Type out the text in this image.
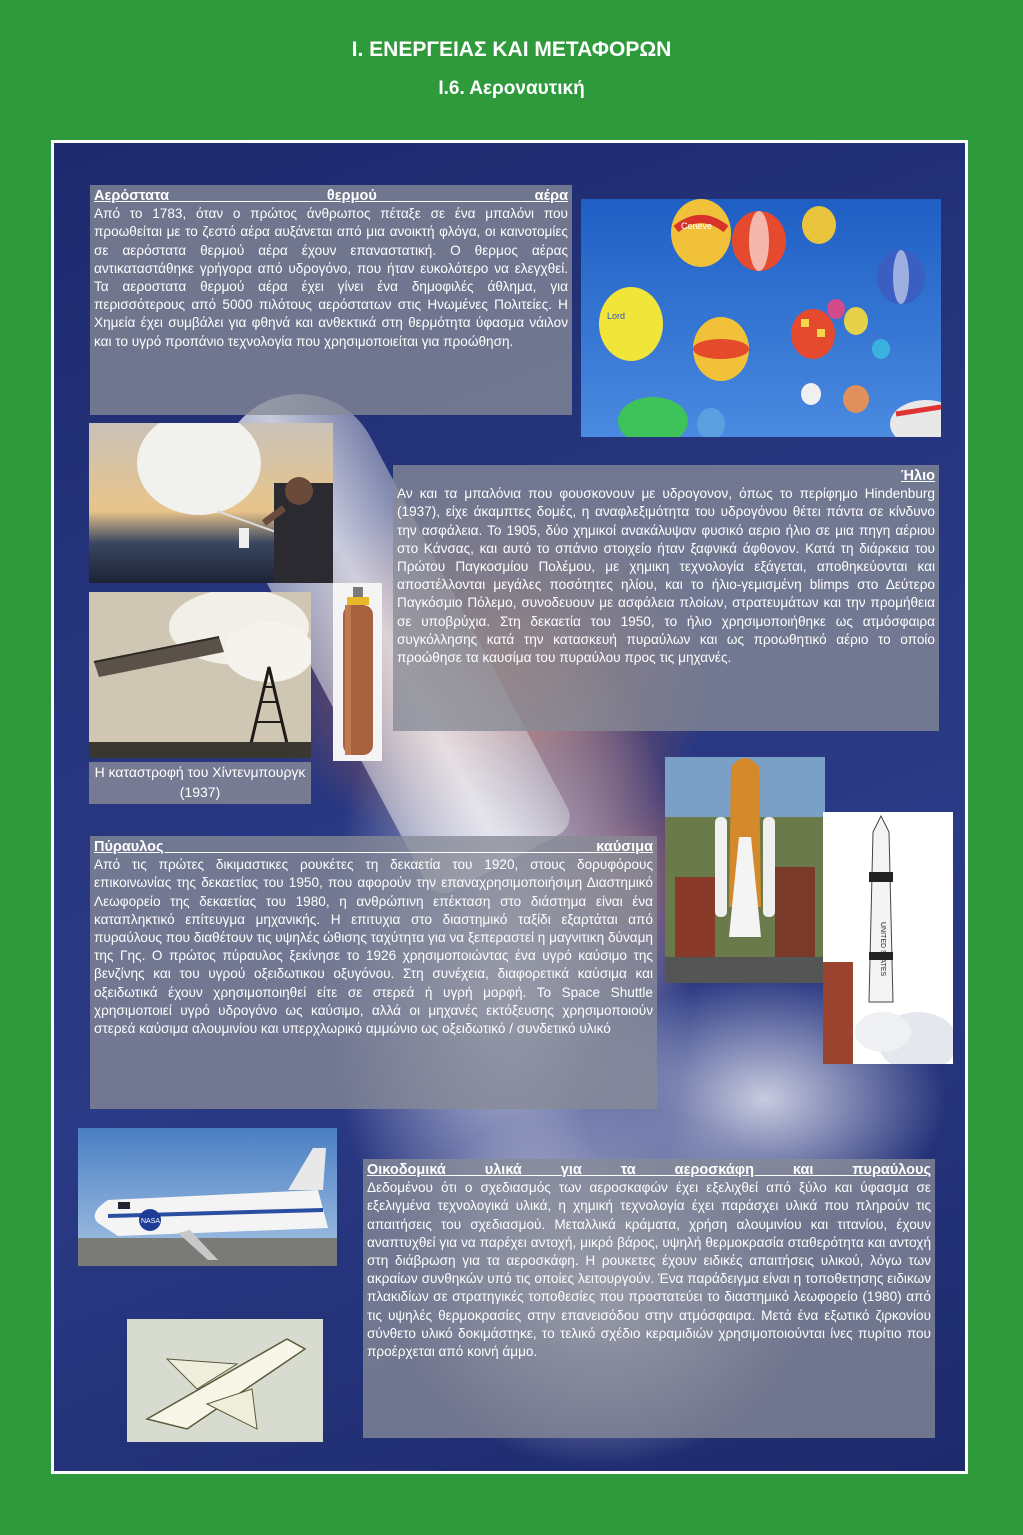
Ι. ΕΝΕΡΓΕΙΑΣ ΚΑΙ ΜΕΤΑΦΟΡΩΝ
Ι.6. Αεροναυτική
Ceneve
Lord
Αερόστατα θερμού αέρα
Από το 1783, όταν ο πρώτος άνθρωπος πέταξε σε ένα μπαλόνι που προωθείται με το ζεστό αέρα αυξάνεται από μια ανοικτή φλόγα, οι καινοτομίες σε αερόστατα θερμού αέρα έχουν επαναστατική. Ο θερμος αέρας αντικαταστάθηκε γρήγορα από υδρογόνο, που ήταν ευκολότερο να ελεγχθεί. Τα αεροστατα θερμού αέρα έχει γίνει ένα δημοφιλές άθλημα, για περισσότερους από 5000 πιλότους αερόστατων στις Ηνωμένες Πολιτείες. Η Χημεία έχει συμβάλει για φθηνά και ανθεκτικά στη θερμότητα ύφασμα νάιλον και το υγρό προπάνιο τεχνολογία που χρησιμοποιείται για προώθηση.
Η καταστροφή του Χίντενμπουργκ (1937)
Ήλιο
Αν και τα μπαλόνια που φουσκονουν με υδρογονον, όπως το περίφημο Hindenburg (1937), είχε άκαμπτες δομές, η αναφλεξιμότητα του υδρογόνου θέτει πάντα σε κίνδυνο την ασφάλεια. Το 1905, δύο χημικοί ανακάλυψαν φυσικό αεριο ήλιο σε μια πηγη αέριου στο Κάνσας, και αυτό το σπάνιο στοιχείο ήταν ξαφνικά άφθονον. Κατά τη διάρκεια του Πρώτου Παγκοσμίου Πολέμου, με χημικη τεχνολογία εξάγεται, αποθηκεύονται και αποστέλλονται μεγάλες ποσότητες ηλίου, και το ήλιο-γεμισμένη blimps στο Δεύτερο Παγκόσμιο Πόλεμο, συνοδευουν με ασφάλεια πλοίων, στρατευμάτων και την προμήθεια σε υποβρύχια. Στη δεκαετία του 1950, το ήλιο χρησιμοποιήθηκε ως ατμόσφαιρα συγκόλλησης κατά την κατασκευή πυραύλων και ως προωθητικό αέριο το οποίο προώθησε τα καυσίμα του πυραύλου προς τις μηχανές.
UNITED STATES
Πύραυλος καύσιμα
Από τις πρώτες δικιμαστικες ρουκέτες τη δεκαετία του 1920, στους δορυφόρους επικοινωνίας της δεκαετίας του 1950, που αφορούν την επαναχρησιμοποιήσιμη Διαστημικό Λεωφορείο της δεκαετίας του 1980, η ανθρώπινη επέκταση στο διάστημα είναι ένα καταπληκτικό επίτευγμα μηχανικής. Η επιτυχια στο διαστημικό ταξίδι εξαρτάται από πυραύλους που διαθέτουν τις υψηλές ώθισης ταχύτητα για να ξεπεραστεί η μαγνιτικη δύναμη της Γης. Ο πρώτος πύραυλος ξεκίνησε το 1926 χρησιμοποιώντας ένα υγρό καύσιμο της βενζίνης και του υγρού οξειδωτικου οξυγόνου. Στη συνέχεια, διαφορετικά καύσιμα και οξειδωτικά έχουν χρησιμοποιηθεί είτε σε στερεά ή υγρή μορφή. Το Space Shuttle χρησιμοποιεί υγρό υδρογόνο ως καύσιμο, αλλά οι μηχανές εκτόξευσης χρησιμοποιούν στερεά καύσιμα αλουμινίου και υπερχλωρικό αμμώνιο ως οξειδωτικό / συνδετικό υλικό
NASA
Οικοδομικά υλικά για τα αεροσκάφη και πυραύλους
Δεδομένου ότι ο σχεδιασμός των αεροσκαφών έχει εξελιχθεί από ξύλο και ύφασμα σε εξελιγμένα τεχνολογικά υλικά, η χημική τεχνολογία έχει παράσχει υλικά που πληρούν τις απαιτήσεις του σχεδιασμού. Μεταλλικά κράματα, χρήση αλουμινίου και τιτανίου, έχουν αναπτυχθεί για να παρέχει αντοχή, μικρό βάρος, υψηλή θερμοκρασία σταθερότητα και αντοχή στη διάβρωση για τα αεροσκάφη. Η ρουκετες έχουν ειδικές απαιτήσεις υλικού, λόγω των ακραίων συνθηκών υπό τις οποίες λειτουργούν. Ένα παράδειγμα είναι η τοποθετησης ειδικων πλακιδίων σε στρατηγικές τοποθεσίες που προστατεύει το διαστημικό λεωφορείο (1980) από τις υψηλές θερμοκρασίες στην επανεισόδου στην ατμόσφαιρα. Μετά ένα εξωτικό ζιρκονίου σύνθετο υλικό δοκιμάστηκε, το τελικό σχέδιο κεραμιδιών χρησιμοποιούνται ίνες πυρίτιο που προέρχεται από κοινή άμμο.
